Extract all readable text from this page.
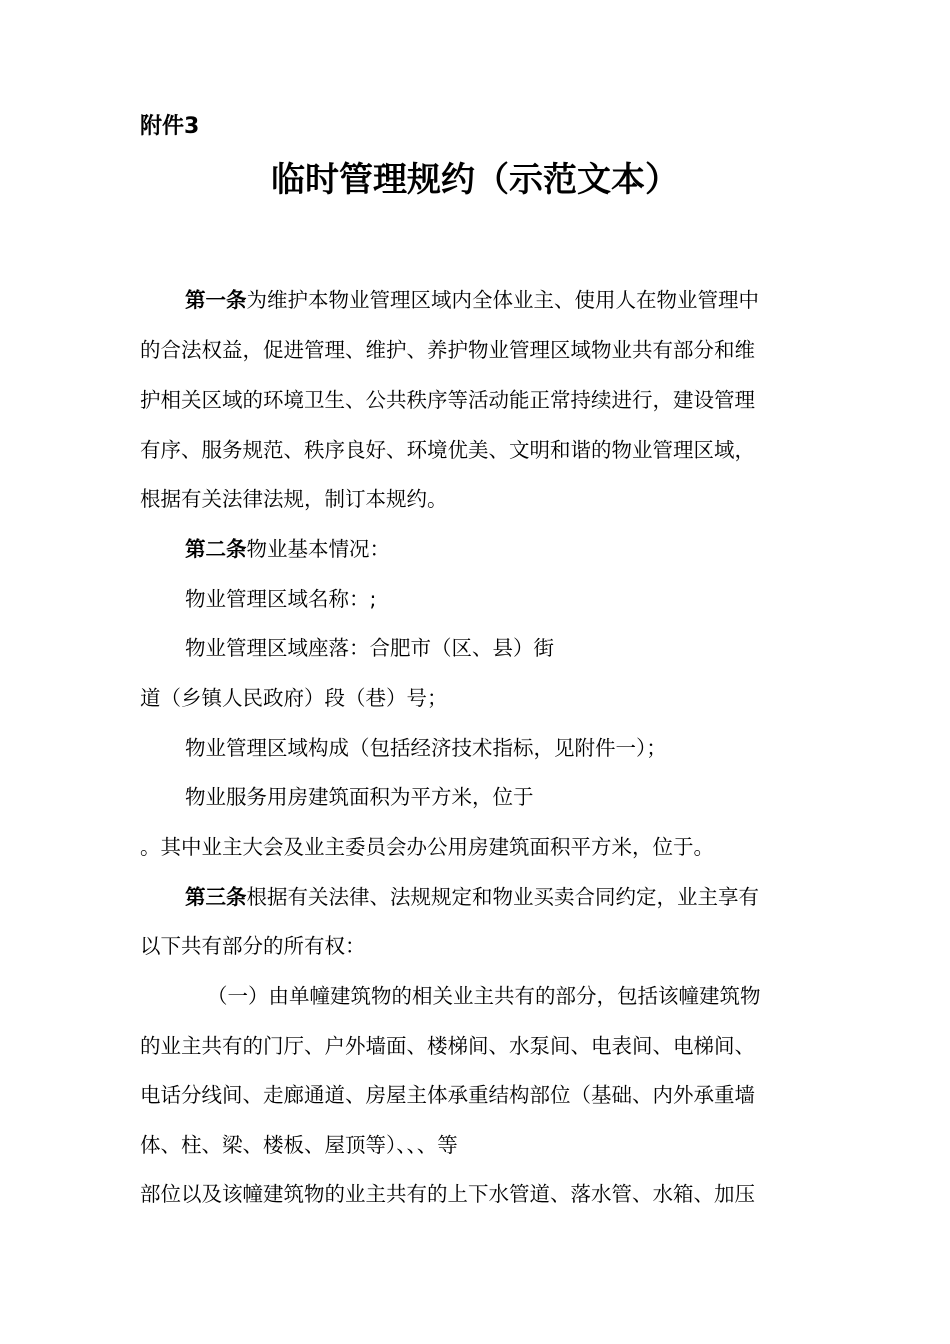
附件3
临时管理规约（示范文本）
第一条为维护本物业管理区域内全体业主、使用人在物业管理中
的合法权益，促进管理、维护、养护物业管理区域物业共有部分和维
护相关区域的环境卫生、公共秩序等活动能正常持续进行，建设管理
有序、服务规范、秩序良好、环境优美、文明和谐的物业管理区域，
根据有关法律法规，制订本规约。
第二条物业基本情况：
物业管理区域名称：;
物业管理区域座落：合肥市（区、县）街
道（乡镇人民政府）段（巷）号；
物业管理区域构成（包括经济技术指标，见附件一）；
物业服务用房建筑面积为平方米，位于
。其中业主大会及业主委员会办公用房建筑面积平方米，位于。
第三条根据有关法律、法规规定和物业买卖合同约定，业主享有
以下共有部分的所有权：
（一）由单幢建筑物的相关业主共有的部分，包括该幢建筑物
的业主共有的门厅、户外墙面、楼梯间、水泵间、电表间、电梯间、
电话分线间、走廊通道、房屋主体承重结构部位（基础、内外承重墙
体、柱、梁、楼板、屋顶等）、、、等
部位以及该幢建筑物的业主共有的上下水管道、落水管、水箱、加压
